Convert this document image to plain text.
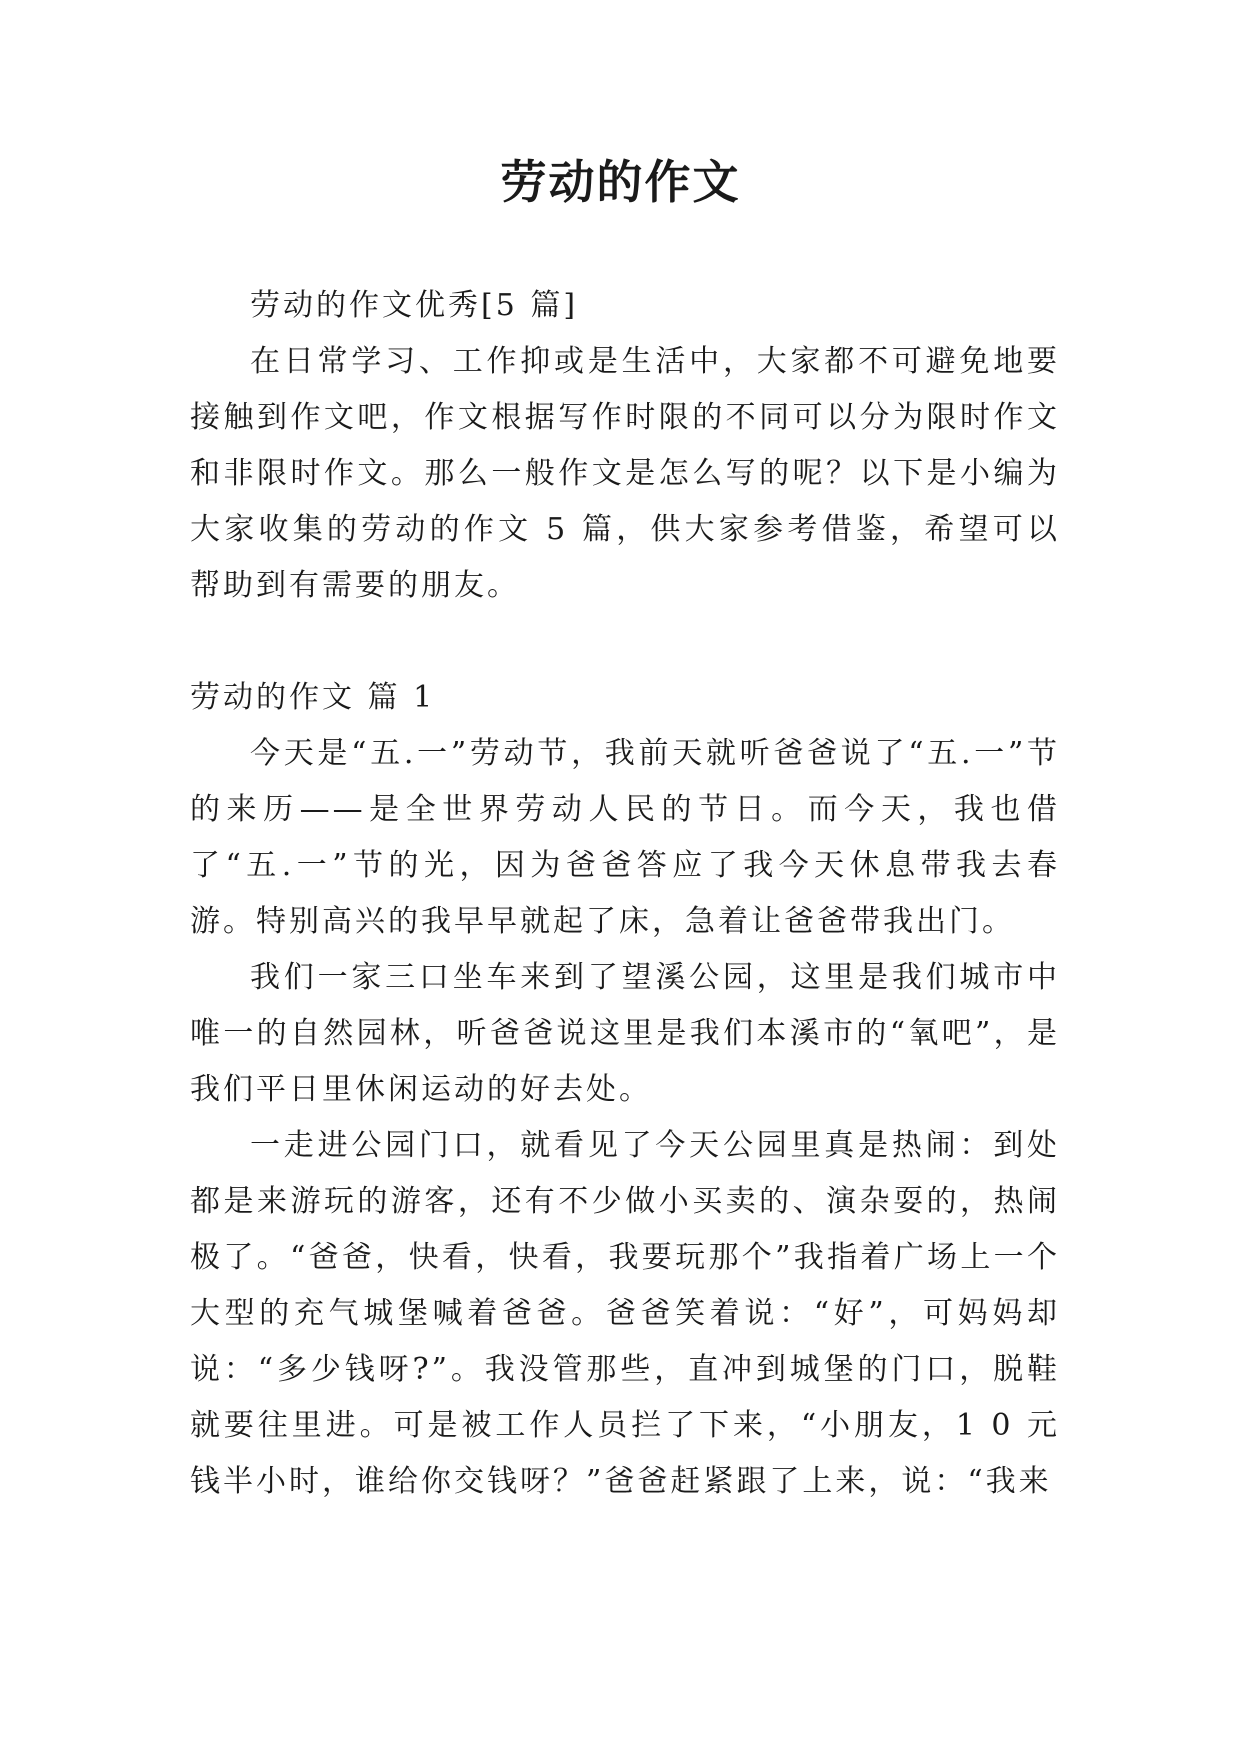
劳动的作文

劳动的作文优秀[5 篇]

在日常学习、工作抑或是生活中，大家都不可避免地要接触到作文吧，作文根据写作时限的不同可以分为限时作文和非限时作文。那么一般作文是怎么写的呢？以下是小编为大家收集的劳动的作文 5 篇，供大家参考借鉴，希望可以帮助到有需要的朋友。

劳动的作文 篇 1

今天是“五.一”劳动节，我前天就听爸爸说了“五.一”节的来历——是全世界劳动人民的节日。而今天，我也借了“五.一”节的光，因为爸爸答应了我今天休息带我去春游。特别高兴的我早早就起了床，急着让爸爸带我出门。

我们一家三口坐车来到了望溪公园，这里是我们城市中唯一的自然园林，听爸爸说这里是我们本溪市的“氧吧”，是我们平日里休闲运动的好去处。

一走进公园门口，就看见了今天公园里真是热闹：到处都是来游玩的游客，还有不少做小买卖的、演杂耍的，热闹极了。“爸爸，快看，快看，我要玩那个”我指着广场上一个大型的充气城堡喊着爸爸。爸爸笑着说：“好”，可妈妈却说：“多少钱呀?”。我没管那些，直冲到城堡的门口，脱鞋就要往里进。可是被工作人员拦了下来，“小朋友，1 0 元钱半小时，谁给你交钱呀？”爸爸赶紧跟了上来，说：“我来
